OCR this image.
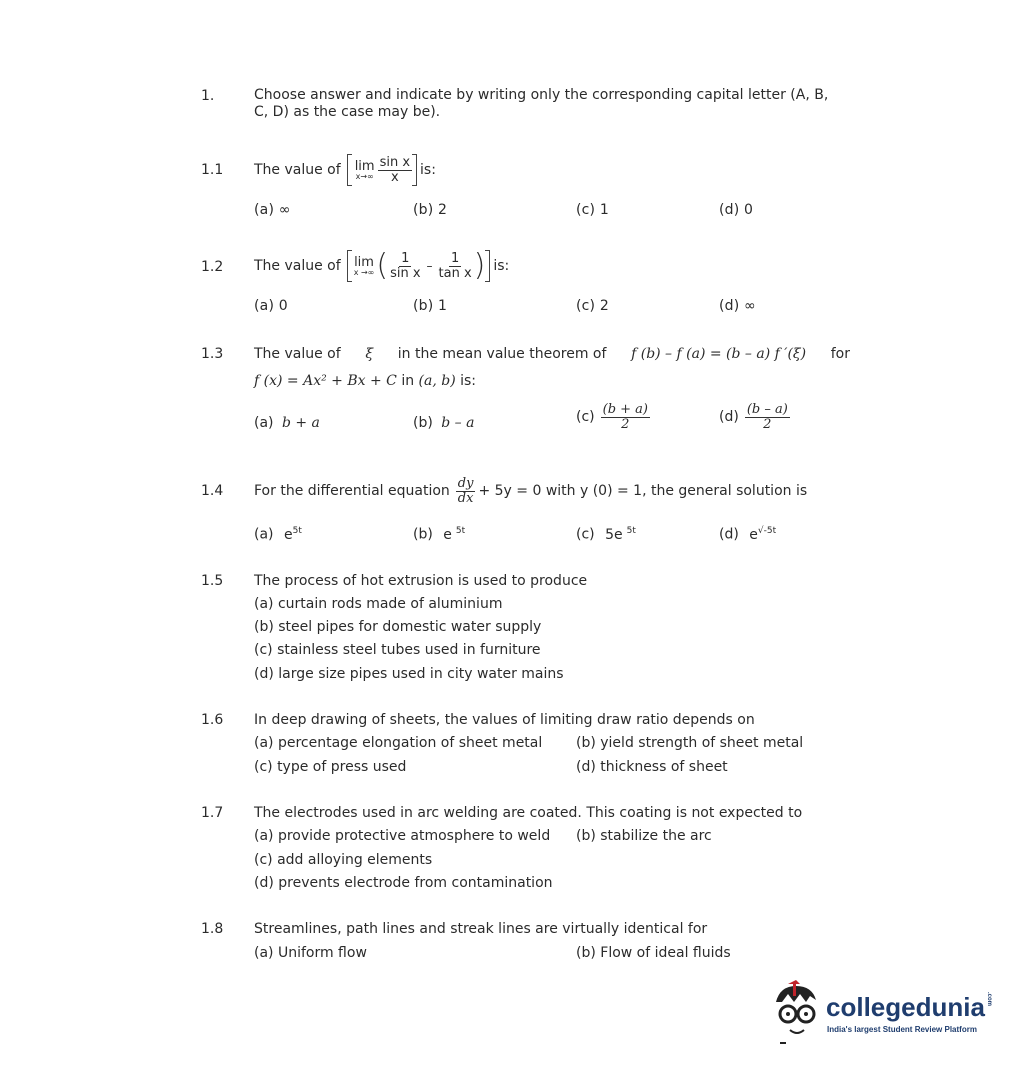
1.	Choose answer and indicate by writing only the corresponding capital letter (A, B,
C, D) as the case may be).
1.1 The value of lim
$x\to\infty \frac{\text{sin x}}{x}$ is:
(a) ∞	(b) 2	(c) 1	(d) 0
1.2 The value of lim
x →∞ ( $\frac{1}{\text{sin x}} - \frac{1}{\text{tan x}}$ ) is:
(a) 0	(b) 1	(c) 2	(d) ∞
1.3 The value of ξ in the mean value theorem of f (b) – f (a) = (b – a) f ′(ξ) for
f (x) = Ax² + Bx + C in (a, b) is:
(a) b + a	(b) b – a	$(c) \frac{(b + a)}{2}$	$(d) \frac{(b - a)}{2}$
1.4 For the differential equation $\frac{dy}{dx} + 5y = 0$ with y (0) = 1, the general solution is
(a) $e^{5t}$	(b) e $^{5t}$	(c) 5e $^{5t}$	(d) $e^{√-5t}$
1.5 The process of hot extrusion is used to produce
(a) curtain rods made of aluminium
(b) steel pipes for domestic water supply
(c) stainless steel tubes used in furniture
(d) large size pipes used in city water mains
1.6 In deep drawing of sheets, the values of limiting draw ratio depends on
(a) percentage elongation of sheet metal (b) yield strength of sheet metal
(c) type of press used	(d) thickness of sheet
1.7 The electrodes used in arc welding are coated. This coating is not expected to
(a) provide protective atmosphere to weld (b) stabilize the arc
(c) add alloying elements
(d) prevents electrode from contamination
1.8 Streamlines, path lines and streak lines are virtually identical for
(a) Uniform flow	(b) Flow of ideal fluids
collegedunia .com
India's largest Student Review Platform
